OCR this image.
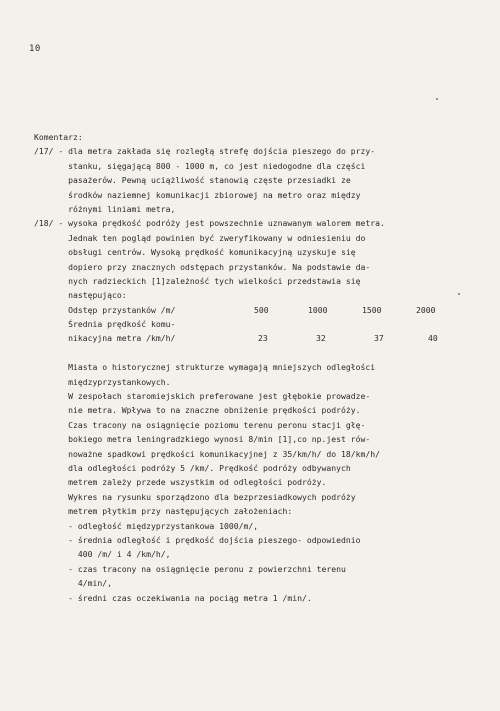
10
Komentarz:
/17/ - dla metra zakłada się rozległą strefę dojścia pieszego do przy-
stanku, sięgającą 800 - 1000 m, co jest niedogodne dla części
pasażerów. Pewną uciążliwość stanowią częste przesiadki ze
środków naziemnej komunikacji zbiorowej na metro oraz między
różnymi liniami metra,
/18/ - wysoka prędkość podróży jest powszechnie uznawanym walorem metra.
Jednak ten pogląd powinien być zweryfikowany w odniesieniu do
obsługi centrów. Wysoką prędkość komunikacyjną uzyskuje się
dopiero przy znacznych odstępach przystanków. Na podstawie da-
nych radzieckich [1]zależność tych wielkości przedstawia się
następująco:
Odstęp przystanków /m/	500	1000	1500	2000
Średnia prędkość komu-
nikacyjna metra /km/h/	23	32	37	40
Miasta o historycznej strukturze wymagają mniejszych odległości
międzyprzystankowych.
W zespołach staromiejskich preferowane jest głębokie prowadze-
nie metra. Wpływa to na znaczne obniżenie prędkości podróży.
Czas tracony na osiągnięcie poziomu terenu peronu stacji głę-
bokiego metra leningradzkiego wynosi 8/min [1],co np.jest rów-
noważne spadkowi prędkości komunikacyjnej z 35/km/h/ do 18/km/h/
dla odległości podróży 5 /km/. Prędkość podróży odbywanych
metrem zależy przede wszystkim od odległości podróży.
Wykres na rysunku sporządzono dla bezprzesiadkowych podróży
metrem płytkim przy następujących założeniach:
- odległość międzyprzystankowa 1000/m/,
- średnia odległość i prędkość dojścia pieszego- odpowiednio
400 /m/ i 4 /km/h/,
- czas tracony na osiągnięcie peronu z powierzchni terenu
4/min/,
- średni czas oczekiwania na pociąg metra 1 /min/.
